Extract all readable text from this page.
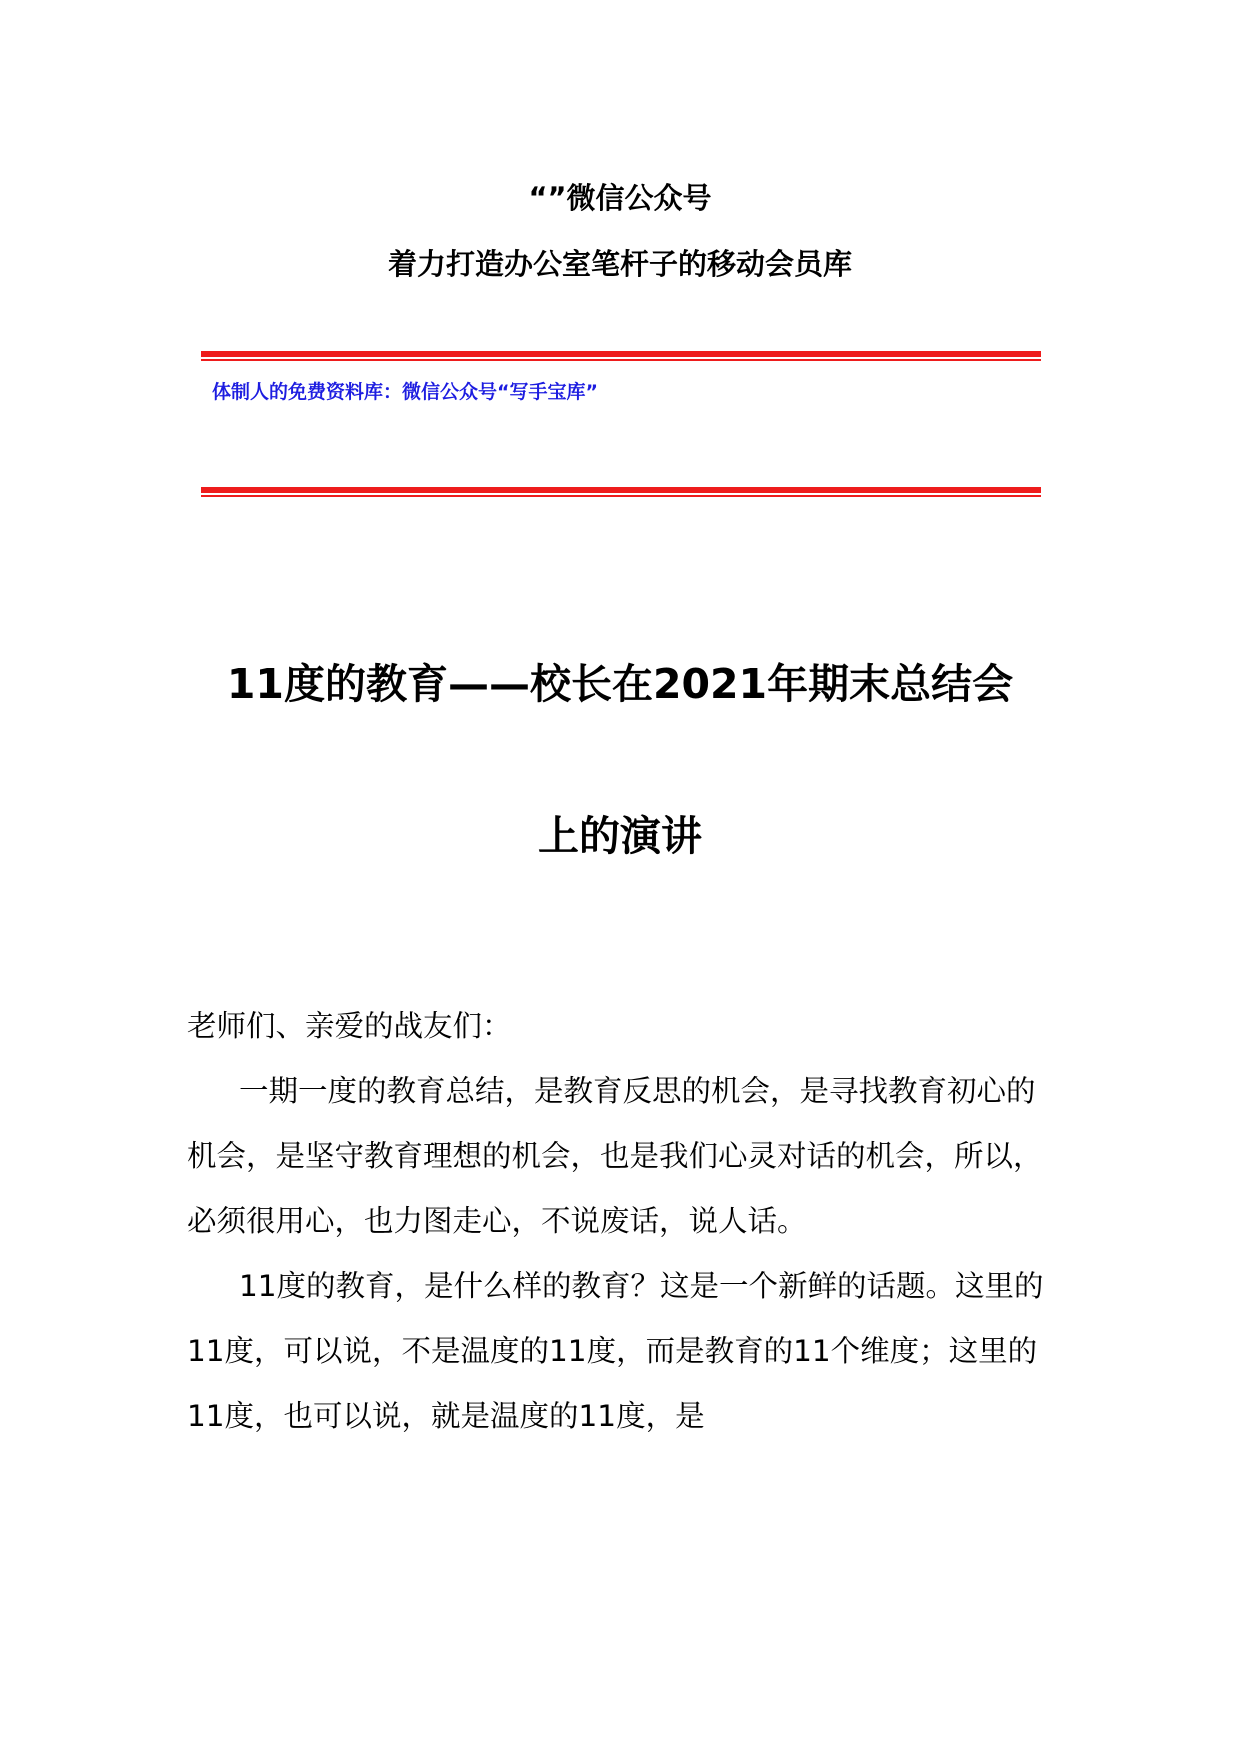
“”微信公众号
着力打造办公室笔杆子的移动会员库
体制人的免费资料库：微信公众号“写手宝库”
11度的教育——校长在2021年期末总结会
上的演讲

老师们、亲爱的战友们：

一期一度的教育总结，是教育反思的机会，是寻找教育初心的机会，是坚守教育理想的机会，也是我们心灵对话的机会，所以，必须很用心，也力图走心，不说废话，说人话。

11度的教育，是什么样的教育？这是一个新鲜的话题。这里的11度，可以说，不是温度的11度，而是教育的11个维度；这里的11度，也可以说，就是温度的11度，是
